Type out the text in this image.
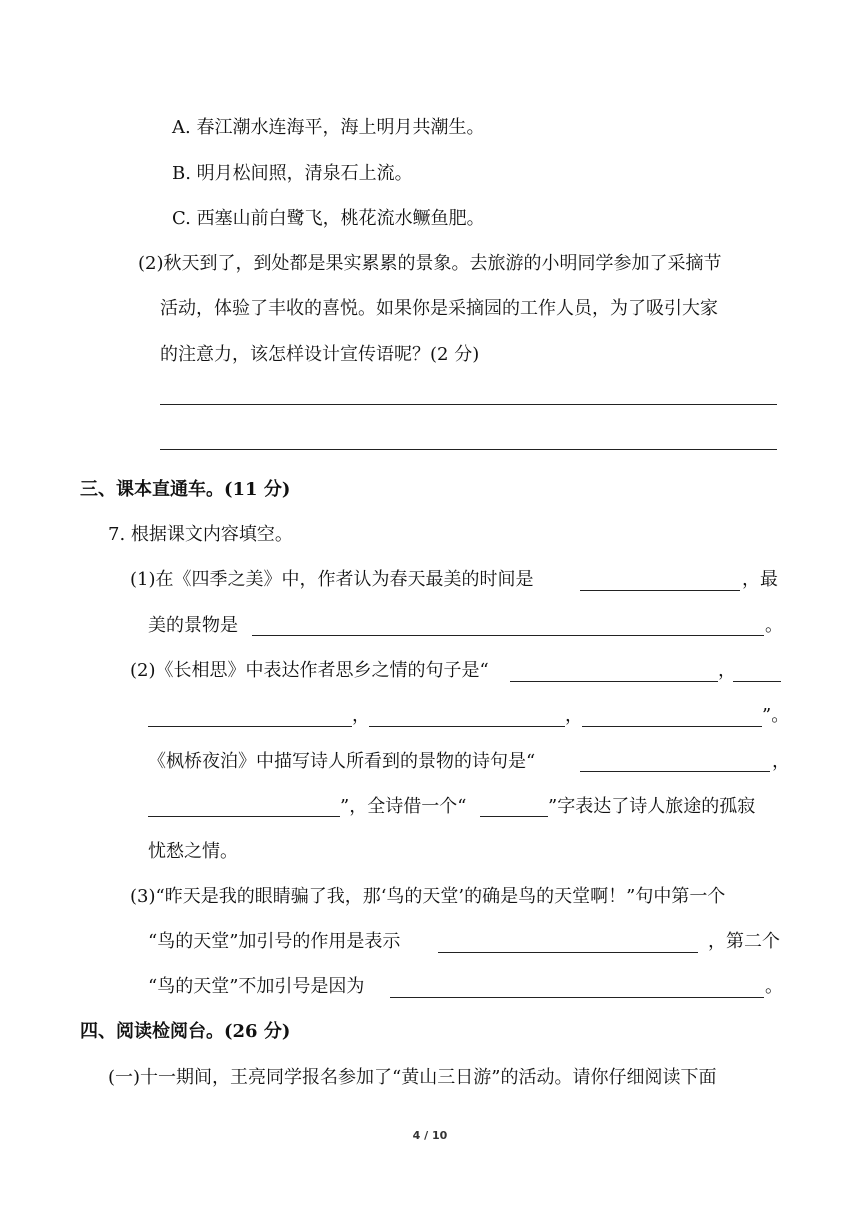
A. 春江潮水连海平，海上明月共潮生。
B. 明月松间照，清泉石上流。
C. 西塞山前白鹭飞，桃花流水鳜鱼肥。
(2)秋天到了，到处都是果实累累的景象。去旅游的小明同学参加了采摘节
活动，体验了丰收的喜悦。如果你是采摘园的工作人员，为了吸引大家
的注意力，该怎样设计宣传语呢？(2 分)
三、课本直通车。(11 分)
7. 根据课文内容填空。
(1)在《四季之美》中，作者认为春天最美的时间是	，最
美的景物是	。
(2)《长相思》中表达作者思乡之情的句子是“	，
，	，	”。
《枫桥夜泊》中描写诗人所看到的景物的诗句是“	，
”，全诗借一个“	”字表达了诗人旅途的孤寂
忧愁之情。
(3)“昨天是我的眼睛骗了我，那‘鸟的天堂’的确是鸟的天堂啊！”句中第一个
“鸟的天堂”加引号的作用是表示	，第二个
“鸟的天堂”不加引号是因为	。
四、阅读检阅台。(26 分)
(一)十一期间，王亮同学报名参加了“黄山三日游”的活动。请你仔细阅读下面
4 / 10
